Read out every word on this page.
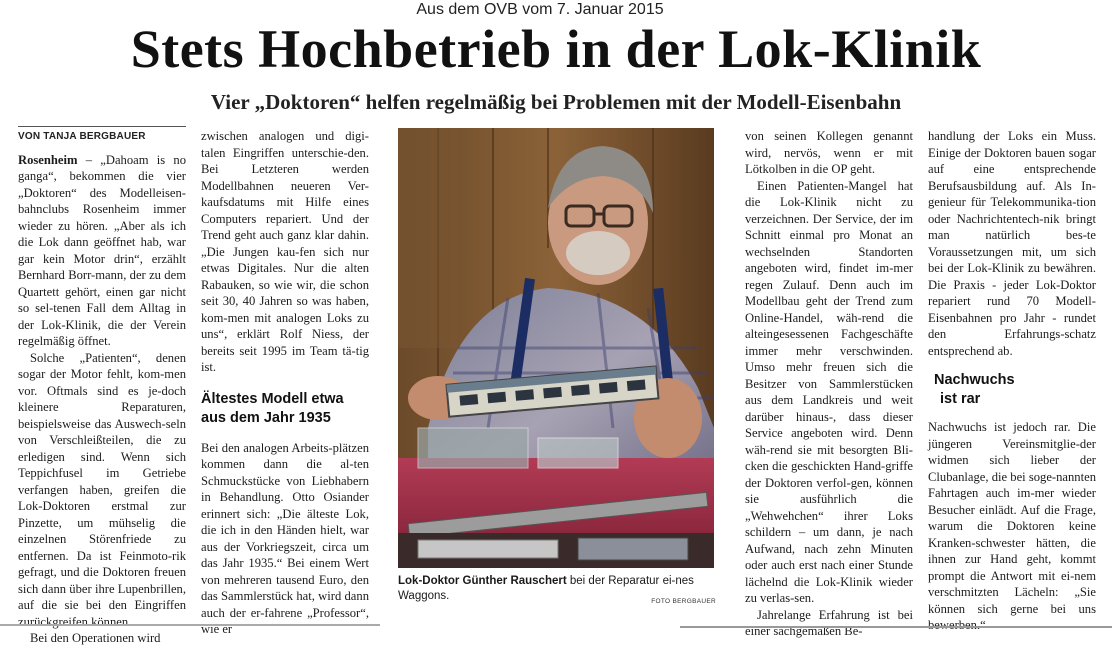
Aus dem OVB vom 7. Januar 2015
Stets Hochbetrieb in der Lok-Klinik
Vier „Doktoren“ helfen regelmäßig bei Problemen mit der Modell-Eisenbahn
VON TANJA BERGBAUER

Rosenheim – „Dahoam is no ganga“, bekommen die vier „Doktoren“ des Modelleisen-bahnclubs Rosenheim immer wieder zu hören. „Aber als ich die Lok dann geöffnet hab, war gar kein Motor drin“, erzählt Bernhard Borr-mann, der zu dem Quartett gehört, einen gar nicht so sel-tenen Fall dem Alltag in der Lok-Klinik, die der Verein regelmäßig öffnet.

Solche „Patienten“, denen sogar der Motor fehlt, kom-men vor. Oftmals sind es je-doch kleinere Reparaturen, beispielsweise das Auswech-seln von Verschleißteilen, die zu erledigen sind. Wenn sich Teppichfusel im Getriebe verfangen haben, greifen die Lok-Doktoren erstmal zur Pinzette, um mühselig die einzelnen Störenfriede zu entfernen. Da ist Feinmoto-rik gefragt, und die Doktoren freuen sich dann über ihre Lupenbrillen, auf die sie bei den Eingriffen zurückgreifen können.

Bei den Operationen wird

zwischen analogen und digi-talen Eingriffen unterschie-den. Bei Letzteren werden Modellbahnen neueren Ver-kaufsdatums mit Hilfe eines Computers repariert. Und der Trend geht auch ganz klar dahin. „Die Jungen kau-fen sich nur etwas Digitales. Nur die alten Rabauken, so wie wir, die schon seit 30, 40 Jahren so was haben, kom-men mit analogen Loks zu uns“, erklärt Rolf Niess, der bereits seit 1995 im Team tä-tig ist.

Ältestes Modell etwa aus dem Jahr 1935

Bei den analogen Arbeits-plätzen kommen dann die al-ten Schmuckstücke von Liebhabern in Behandlung. Otto Osiander erinnert sich: „Die älteste Lok, die ich in den Händen hielt, war aus der Vorkriegszeit, circa um das Jahr 1935.“ Bei einem Wert von mehreren tausend Euro, den das Sammlerstück hat, wird dann auch der er-fahrene „Professor“, wie er

Lok-Doktor Günther Rauschert bei der Reparatur ei-nes Waggons.	FOTO BERGBAUER

von seinen Kollegen genannt wird, nervös, wenn er mit Lötkolben in die OP geht.

Einen Patienten-Mangel hat die Lok-Klinik nicht zu verzeichnen. Der Service, der im Schnitt einmal pro Monat an wechselnden Standorten angeboten wird, findet im-mer regen Zulauf. Denn auch im Modellbau geht der Trend zum Online-Handel, wäh-rend die alteingesessenen Fachgeschäfte immer mehr verschwinden. Umso mehr freuen sich die Besitzer von Sammlerstücken aus dem Landkreis und weit darüber hinaus-, dass dieser Service angeboten wird. Denn wäh-rend sie mit besorgten Bli-cken die geschickten Hand-griffe der Doktoren verfol-gen, können sie ausführlich die „Wehwehchen“ ihrer Loks schildern – um dann, je nach Aufwand, nach zehn Minuten oder auch erst nach einer Stunde lächelnd die Lok-Klinik wieder zu verlas-sen.

Jahrelange Erfahrung ist bei einer sachgemäßen Be-

handlung der Loks ein Muss. Einige der Doktoren bauen sogar auf eine entsprechende Berufsausbildung auf. Als In-genieur für Telekommunika-tion oder Nachrichtentech-nik bringt man natürlich bes-te Voraussetzungen mit, um sich bei der Lok-Klinik zu bewähren. Die Praxis - jeder Lok-Doktor repariert rund 70 Modell-Eisenbahnen pro Jahr - rundet den Erfahrungs-schatz entsprechend ab.

Nachwuchs
ist rar

Nachwuchs ist jedoch rar. Die jüngeren Vereinsmitglie-der widmen sich lieber der Clubanlage, die bei soge-nannten Fahrtagen auch im-mer wieder Besucher einlädt. Auf die Frage, warum die Doktoren keine Kranken-schwester hätten, die ihnen zur Hand geht, kommt prompt die Antwort mit ei-nem verschmitzten Lächeln: „Sie können sich gerne bei uns bewerben.“
